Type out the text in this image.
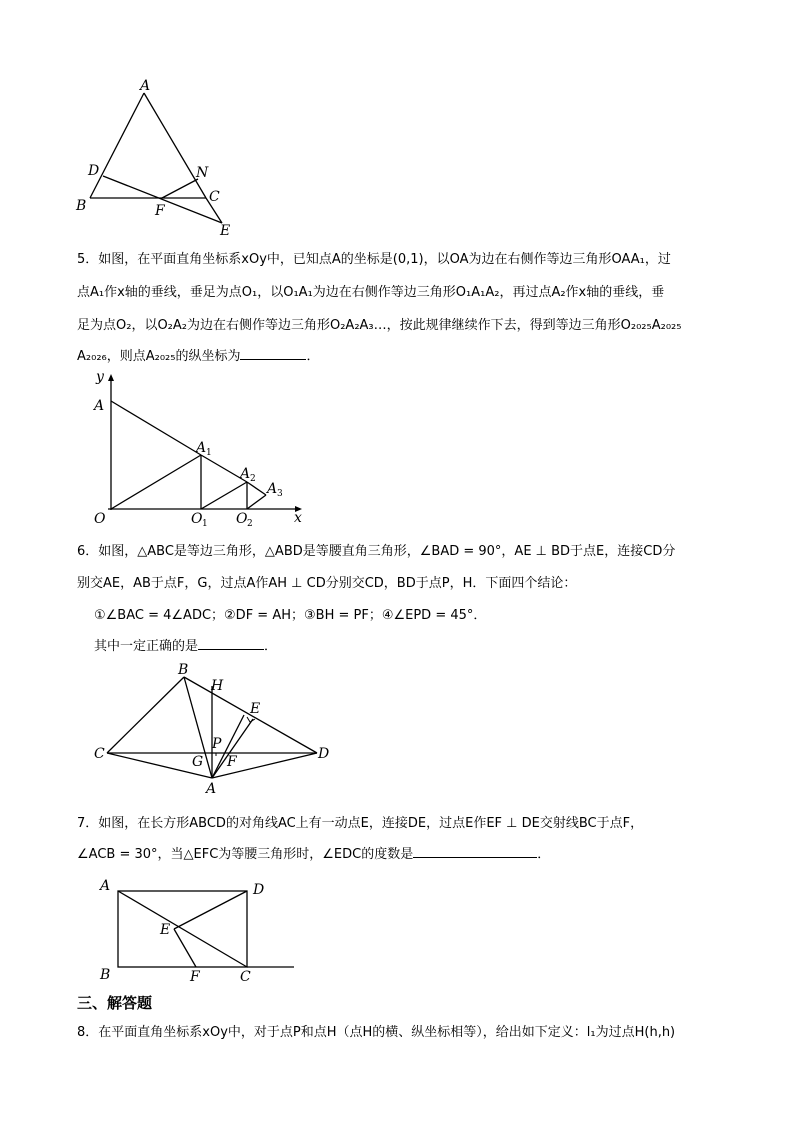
A
D	N
C
B	F
E
5．如图，在平面直角坐标系xOy中，已知点A的坐标是(0,1)，以OA为边在右侧作等边三角形OAA₁，过
点A₁作x轴的垂线，垂足为点O₁，以O₁A₁为边在右侧作等边三角形O₁A₁A₂，再过点A₂作x轴的垂线，垂
足为点O₂，以O₂A₂为边在右侧作等边三角形O₂A₂A₃…，按此规律继续作下去，得到等边三角形O₂₀₂₅A₂₀₂₅
A₂₀₂₆，则点A₂₀₂₅的纵坐标为	．
y
x
O
A
A 1
A 2
A 3
O 1 O 2
6．如图，△ABC是等边三角形，△ABD是等腰直角三角形，∠BAD = 90°，AE ⊥ BD于点E，连接CD分
别交AE，AB于点F，G，过点A作AH ⊥ CD分别交CD，BD于点P，H．下面四个结论：
①∠BAC = 4∠ADC；②DF = AH；③BH = PF；④∠EPD = 45°．
其中一定正确的是	．
B
H
E
C
P
G F	D
A
7．如图，在长方形ABCD的对角线AC上有一动点E，连接DE，过点E作EF ⊥ DE交射线BC于点F，
∠ACB = 30°，当△EFC为等腰三角形时，∠EDC的度数是	．
A	D
E
B	F	C
三、解答题
8．在平面直角坐标系xOy中，对于点P和点H（点H的横、纵坐标相等），给出如下定义：l₁为过点H(h,h)
